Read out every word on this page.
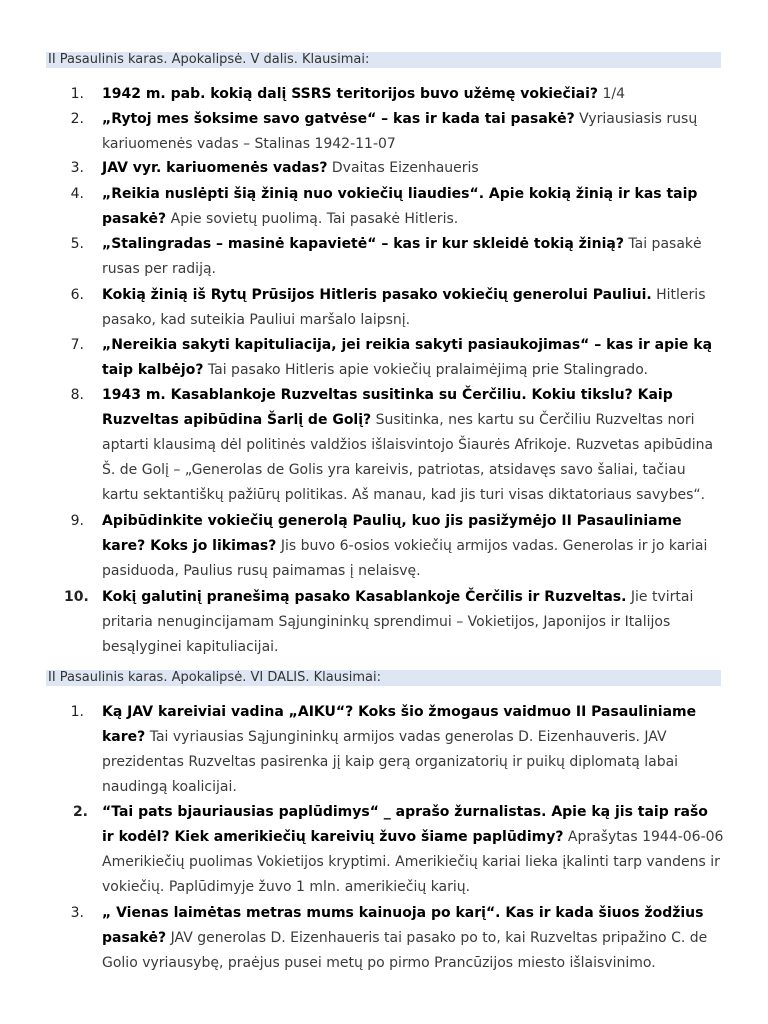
II Pasaulinis karas. Apokalipsė. V dalis. Klausimai:
1. 1942 m. pab. kokią dalį SSRS teritorijos buvo užėmę vokiečiai? 1/4
2. „Rytoj mes šoksime savo gatvėse“ – kas ir kada tai pasakė? Vyriausiasis rusų kariuomenės vadas – Stalinas 1942-11-07
3. JAV vyr. kariuomenės vadas? Dvaitas Eizenhaueris
4. „Reikia nuslėpti šią žinią nuo vokiečių liaudies“. Apie kokią žinią ir kas taip pasakė? Apie sovietų puolimą. Tai pasakė Hitleris.
5. „Stalingradas – masinė kapavietė“ – kas ir kur skleidė tokią žinią? Tai pasakė rusas per radiją.
6. Kokią žinią iš Rytų Prūsijos Hitleris pasako vokiečių generolui Pauliui. Hitleris pasako, kad suteikia Pauliui maršalo laipsnį.
7. „Nereikia sakyti kapituliacija, jei reikia sakyti pasiaukojimas“ – kas ir apie ką taip kalbėjo? Tai pasako Hitleris apie vokiečių pralaimėjimą prie Stalingrado.
8. 1943 m. Kasablankoje Ruzveltas susitinka su Čerčiliu. Kokiu tikslu? Kaip Ruzveltas apibūdina Šarlį de Golį? Susitinka, nes kartu su Čerčiliu Ruzveltas nori aptarti klausimą dėl politinės valdžios išlaisvintojo Šiaurės Afrikoje. Ruzvetas apibūdina Š. de Golį – „Generolas de Golis yra kareivis, patriotas, atsidavęs savo šaliai, tačiau kartu sektantiškų pažiūrų politikas. Aš manau, kad jis turi visas diktatoriaus savybes“.
9. Apibūdinkite vokiečių generolą Paulių, kuo jis pasižymėjo II Pasauliniame kare? Koks jo likimas? Jis buvo 6-osios vokiečių armijos vadas. Generolas ir jo kariai pasiduoda, Paulius rusų paimamas į nelaisvę.
10. Kokį galutinį pranešimą pasako Kasablankoje Čerčilis ir Ruzveltas. Jie tvirtai pritaria nenugincijamam Sąjungininkų sprendimui – Vokietijos, Japonijos ir Italijos besąlyginei kapituliacijai.
II Pasaulinis karas. Apokalipsė. VI DALIS. Klausimai:
1. Ką JAV kareiviai vadina „AIKU“? Koks šio žmogaus vaidmuo II Pasauliniame kare? Tai vyriausias Sąjungininkų armijos vadas generolas D. Eizenhauveris. JAV prezidentas Ruzveltas pasirenka jį kaip gerą organizatorių ir puikų diplomatą labai naudingą koalicijai.
2. “Tai pats bjauriausias paplūdimys“ _ aprašo žurnalistas. Apie ką jis taip rašo ir kodėl? Kiek amerikiečių kareivių žuvo šiame paplūdimy? Aprašytas 1944-06-06 Amerikiečių puolimas Vokietijos kryptimi. Amerikiečių kariai lieka įkalinti tarp vandens ir vokiečių. Paplūdimyje žuvo 1 mln. amerikiečių karių.
3. „ Vienas laimėtas metras mums kainuoja po karį“. Kas ir kada šiuos žodžius pasakė? JAV generolas D. Eizenhaueris tai pasako po to, kai Ruzveltas pripažino C. de Golio vyriausybę, praėjus pusei metų po pirmo Prancūzijos miesto išlaisvinimo.
